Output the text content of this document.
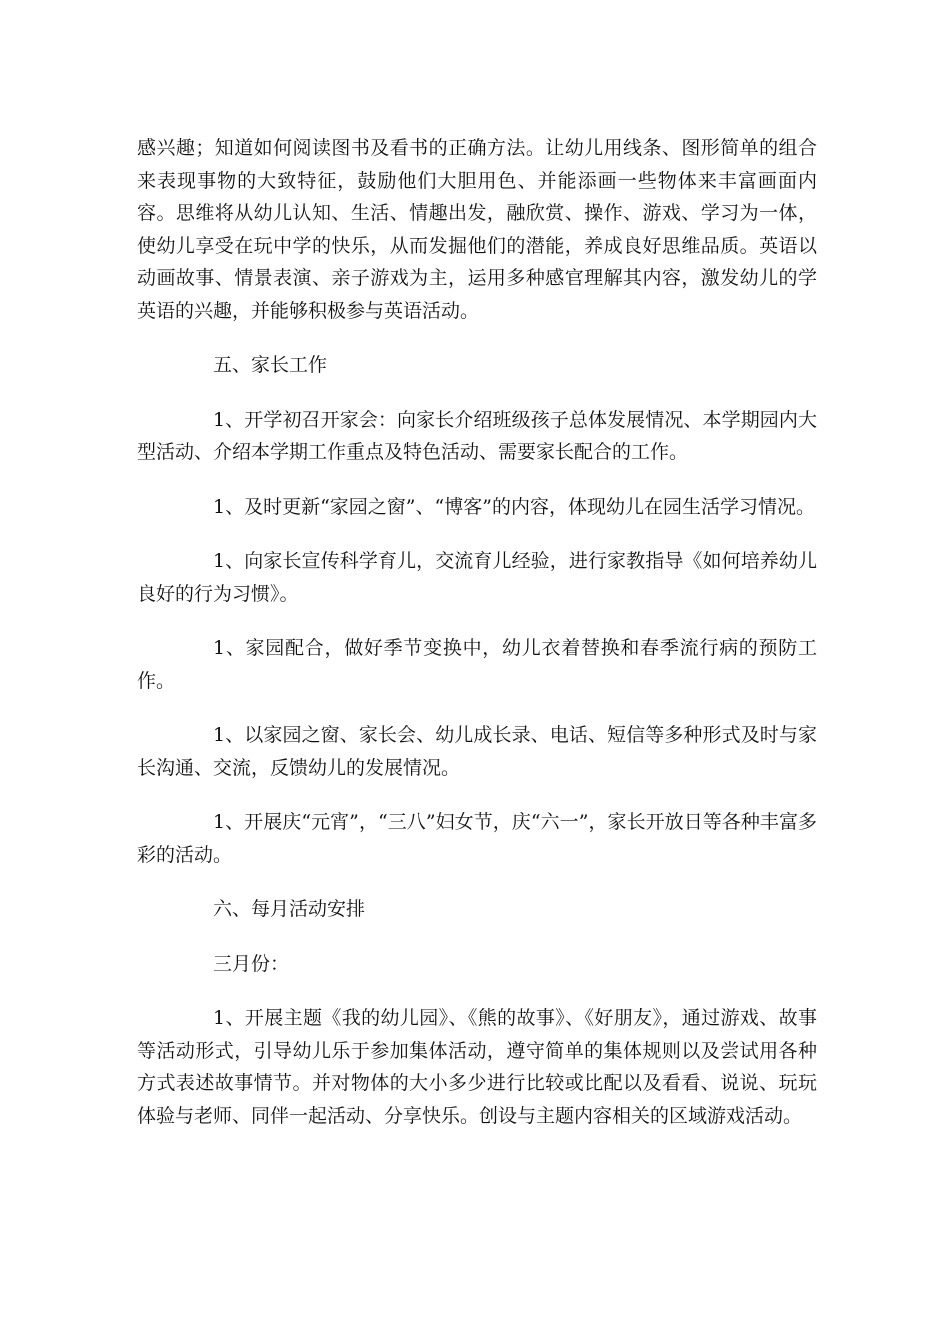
感兴趣；知道如何阅读图书及看书的正确方法。让幼儿用线条、图形简单的组合来表现事物的大致特征，鼓励他们大胆用色、并能添画一些物体来丰富画面内容。思维将从幼儿认知、生活、情趣出发，融欣赏、操作、游戏、学习为一体，使幼儿享受在玩中学的快乐，从而发掘他们的潜能，养成良好思维品质。英语以动画故事、情景表演、亲子游戏为主，运用多种感官理解其内容，激发幼儿的学英语的兴趣，并能够积极参与英语活动。

五、家长工作

1、开学初召开家会：向家长介绍班级孩子总体发展情况、本学期园内大型活动、介绍本学期工作重点及特色活动、需要家长配合的工作。

1、及时更新“家园之窗”、“博客”的内容，体现幼儿在园生活学习情况。

1、向家长宣传科学育儿，交流育儿经验，进行家教指导《如何培养幼儿良好的行为习惯》。

1、家园配合，做好季节变换中，幼儿衣着替换和春季流行病的预防工作。

1、以家园之窗、家长会、幼儿成长录、电话、短信等多种形式及时与家长沟通、交流，反馈幼儿的发展情况。

1、开展庆“元宵”，“三八”妇女节，庆“六一”，家长开放日等各种丰富多彩的活动。

六、每月活动安排

三月份：

1、开展主题《我的幼儿园》、《熊的故事》、《好朋友》，通过游戏、故事等活动形式，引导幼儿乐于参加集体活动，遵守简单的集体规则以及尝试用各种方式表述故事情节。并对物体的大小多少进行比较或比配以及看看、说说、玩玩体验与老师、同伴一起活动、分享快乐。创设与主题内容相关的区域游戏活动。
